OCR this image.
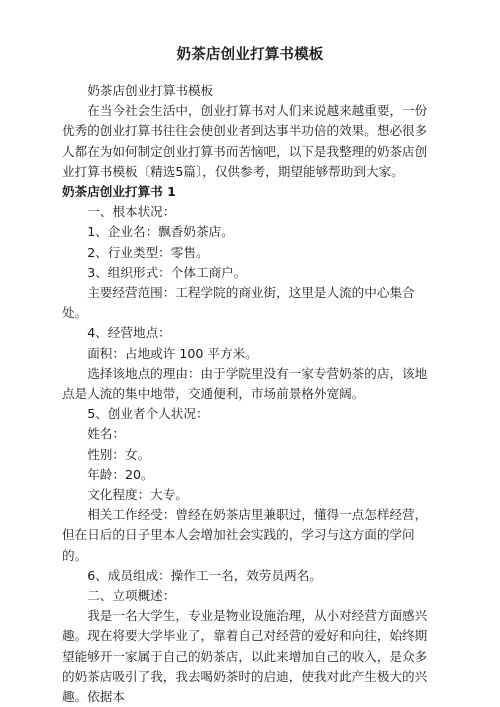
奶茶店创业打算书模板

奶茶店创业打算书模板

在当今社会生活中，创业打算书对人们来说越来越重要，一份优秀的创业打算书往往会使创业者到达事半功倍的效果。想必很多人都在为如何制定创业打算书而苦恼吧，以下是我整理的奶茶店创业打算书模板〔精选5篇〕，仅供参考，期望能够帮助到大家。

奶茶店创业打算书 1

一、根本状况：

1、企业名：飘香奶茶店。

2、行业类型：零售。

3、组织形式：个体工商户。

主要经营范围：工程学院的商业街，这里是人流的中心集合处。

4、经营地点：

面积：占地或许 100 平方米。

选择该地点的理由：由于学院里没有一家专营奶茶的店，该地点是人流的集中地带，交通便利，市场前景格外宽阔。

5、创业者个人状况：

姓名：

性别：女。

年龄：20。

文化程度：大专。

相关工作经受：曾经在奶茶店里兼职过，懂得一点怎样经营，但在日后的日子里本人会增加社会实践的，学习与这方面的学问的。

6、成员组成：操作工一名，效劳员两名。

二、立项概述：

我是一名大学生，专业是物业设施治理，从小对经营方面感兴趣。现在将要大学毕业了，靠着自己对经营的爱好和向往，始终期望能够开一家属于自己的奶茶店，以此来增加自己的收入，是众多的奶茶店吸引了我，我去喝奶茶时的启迪，使我对此产生极大的兴趣。依据本
